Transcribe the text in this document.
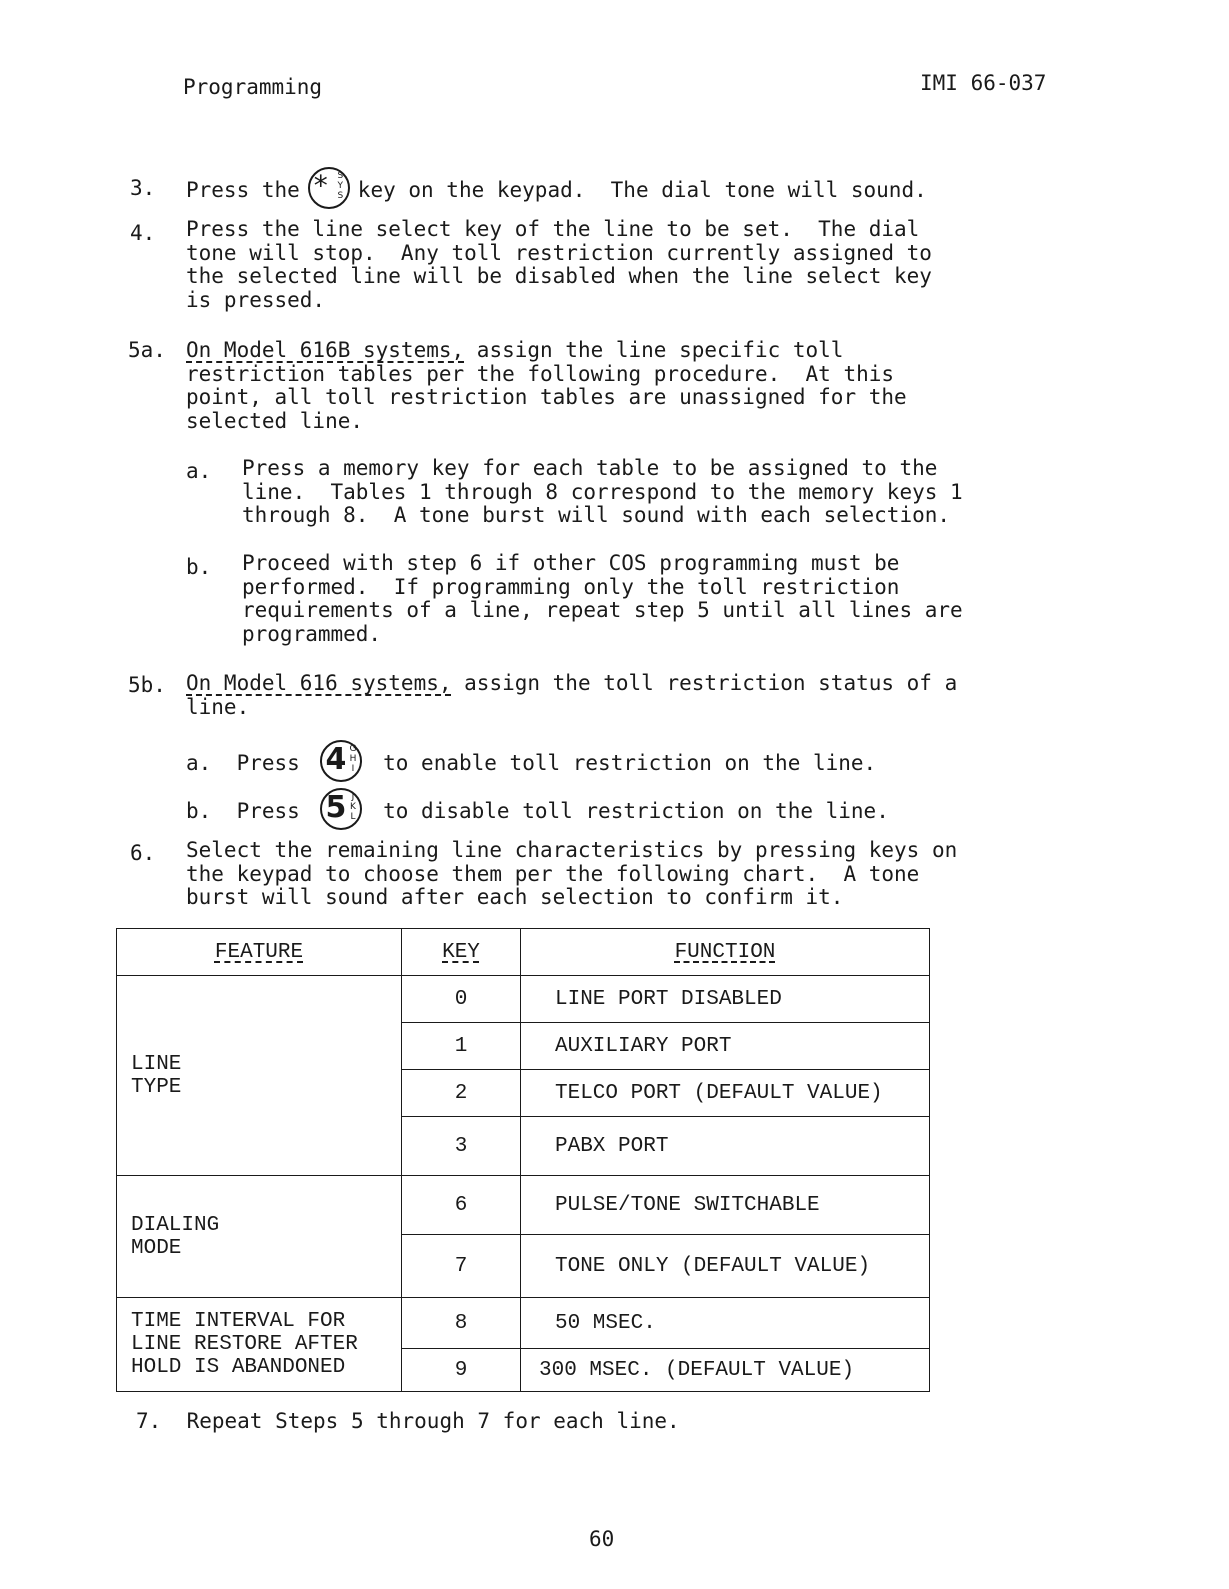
Programming	IMI 66-037
3. Press the * S
Y
S key on the keypad.  The dial tone will sound.
4. Press the line select key of the line to be set.  The dial
tone will stop.  Any toll restriction currently assigned to
the selected line will be disabled when the line select key
is pressed.
5a. On Model 616B systems, assign the line specific toll
restriction tables per the following procedure.  At this
point, all toll restriction tables are unassigned for the
selected line.
a. Press a memory key for each table to be assigned to the
line.  Tables 1 through 8 correspond to the memory keys 1
through 8.  A tone burst will sound with each selection.
b. Proceed with step 6 if other COS programming must be
performed.  If programming only the toll restriction
requirements of a line, repeat step 5 until all lines are
programmed.
5b. On Model 616 systems, assign the toll restriction status of a
line.
a. Press 4 G
H
I to enable toll restriction on the line.
b. Press 5 J
K
L to disable toll restriction on the line.
6. Select the remaining line characteristics by pressing keys on
the keypad to choose them per the following chart.  A tone
burst will sound after each selection to confirm it.
FEATURE	KEY	FUNCTION

LINE
TYPE	0	LINE PORT DISABLED
	1	AUXILIARY PORT
	2	TELCO PORT (DEFAULT VALUE)
	3	PABX PORT

DIALING
MODE	6	PULSE/TONE SWITCHABLE
	7	TONE ONLY (DEFAULT VALUE)

TIME INTERVAL FOR
LINE RESTORE AFTER
HOLD IS ABANDONED	8	50 MSEC.
	9	300 MSEC. (DEFAULT VALUE)
7. Repeat Steps 5 through 7 for each line.
60
